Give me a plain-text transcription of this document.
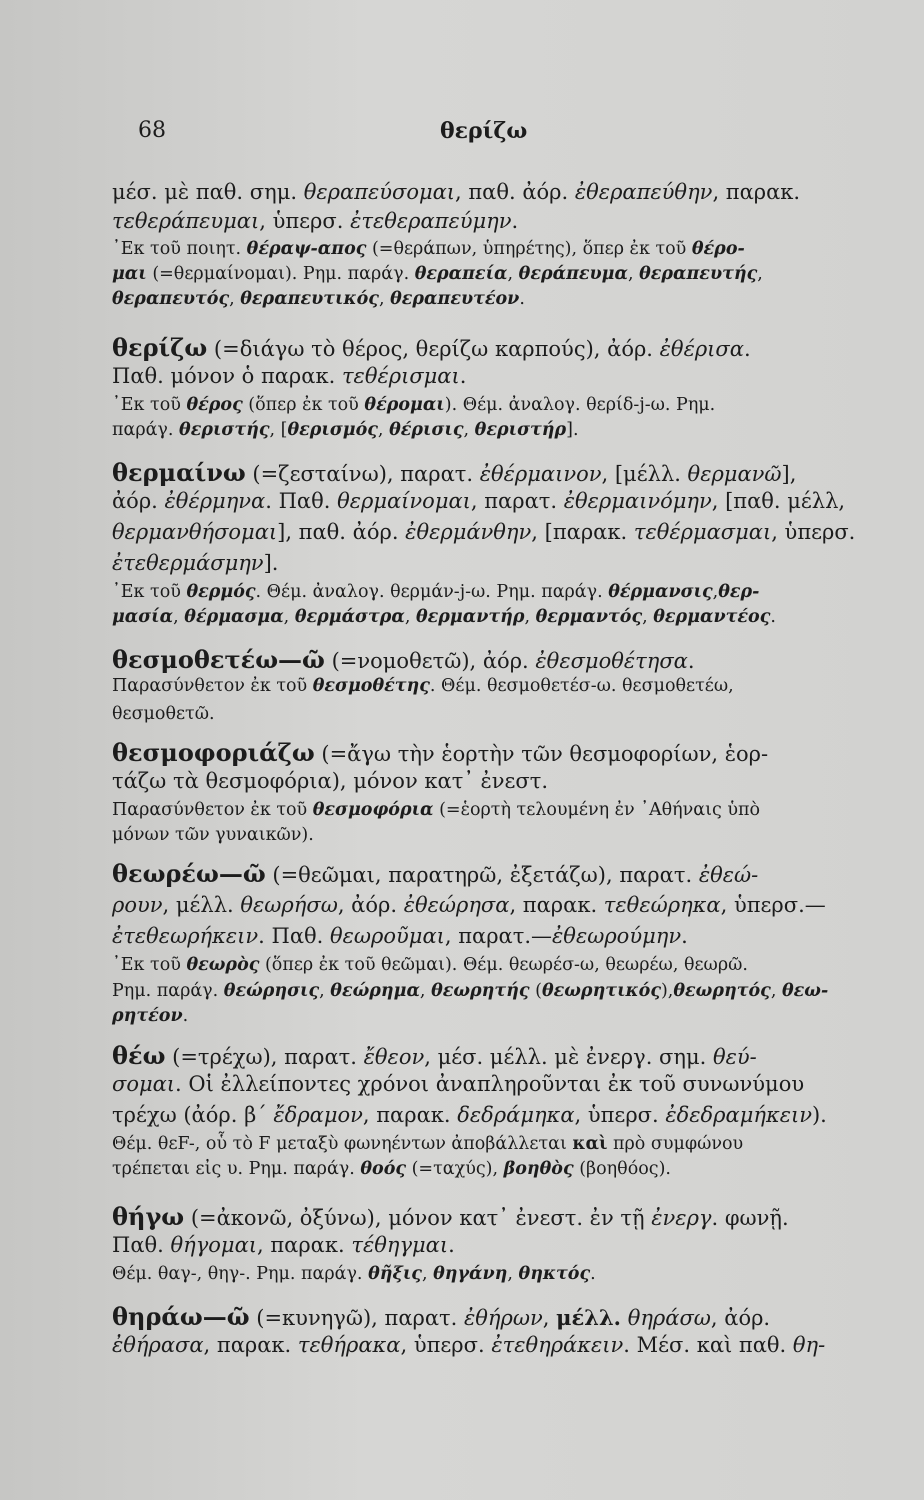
68	θερίζω
μέσ. μὲ παθ. σημ. θεραπεύσομαι, παθ. ἀόρ. ἐθεραπεύθην, παρακ.
τεθεράπευμαι, ὑπερσ. ἐτεθεραπεύμην.
᾿Εκ τοῦ ποιητ. θέραψ-απος (=θεράπων, ὑπηρέτης), ὅπερ ἐκ τοῦ θέρο-
μαι (=θερμαίνομαι). Ρημ. παράγ. θεραπεία, θεράπευμα, θεραπευτής,
θεραπευτός, θεραπευτικός, θεραπευτέον.
θερίζω (=διάγω τὸ θέρος, θερίζω καρπούς), ἀόρ. ἐθέρισα.
Παθ. μόνον ὁ παρακ. τεθέρισμαι.
᾿Εκ τοῦ θέρος (ὅπερ ἐκ τοῦ θέρομαι). Θέμ. ἀναλογ. θερίδ-j-ω. Ρημ.
παράγ. θεριστής, [θερισμός, θέρισις, θεριστήρ].
θερμαίνω (=ζεσταίνω), παρατ. ἐθέρμαινον, [μέλλ. θερμανῶ],
ἀόρ. ἐθέρμηνα. Παθ. θερμαίνομαι, παρατ. ἐθερμαινόμην, [παθ. μέλλ,
θερμανθήσομαι], παθ. ἀόρ. ἐθερμάνθην, [παρακ. τεθέρμασμαι, ὑπερσ.
ἐτεθερμάσμην].
᾿Εκ τοῦ θερμός. Θέμ. ἀναλογ. θερμάν-j-ω. Ρημ. παράγ. θέρμανσις,θερ-
μασία, θέρμασμα, θερμάστρα, θερμαντήρ, θερμαντός, θερμαντέος.
θεσμοθετέω—ῶ (=νομοθετῶ), ἀόρ. ἐθεσμοθέτησα.
Παρασύνθετον ἐκ τοῦ θεσμοθέτης. Θέμ. θεσμοθετέσ-ω. θεσμοθετέω,
θεσμοθετῶ.
θεσμοφοριάζω (=ἄγω τὴν ἑορτὴν τῶν θεσμοφορίων, ἑορ-
τάζω τὰ θεσμοφόρια), μόνον κατ᾿ ἐνεστ.
Παρασύνθετον ἐκ τοῦ θεσμοφόρια (=ἑορτὴ τελουμένη ἐν ᾿Αθήναις ὑπὸ
μόνων τῶν γυναικῶν).
θεωρέω—ῶ (=θεῶμαι, παρατηρῶ, ἐξετάζω), παρατ. ἐθεώ-
ρουν, μέλλ. θεωρήσω, ἀόρ. ἐθεώρησα, παρακ. τεθεώρηκα, ὑπερσ.—
ἐτεθεωρήκειν. Παθ. θεωροῦμαι, παρατ.—ἐθεωρούμην.
᾿Εκ τοῦ θεωρὸς (ὅπερ ἐκ τοῦ θεῶμαι). Θέμ. θεωρέσ-ω, θεωρέω, θεωρῶ.
Ρημ. παράγ. θεώρησις, θεώρημα, θεωρητής (θεωρητικός),θεωρητός, θεω-
ρητέον.
θέω (=τρέχω), παρατ. ἔθεον, μέσ. μέλλ. μὲ ἐνεργ. σημ. θεύ-
σομαι. Οἱ ἐλλείποντες χρόνοι ἀναπληροῦνται ἐκ τοῦ συνωνύμου
τρέχω (ἀόρ. β΄ ἔδραμον, παρακ. δεδράμηκα, ὑπερσ. ἐδεδραμήκειν).
Θέμ. θεF-, οὗ τὸ F μεταξὺ φωνηέντων ἀποβάλλεται καὶ πρὸ συμφώνου
τρέπεται εἰς υ. Ρημ. παράγ. θοός (=ταχύς), βοηθὸς (βοηθόος).
θήγω (=ἀκονῶ, ὀξύνω), μόνον κατ᾿ ἐνεστ. ἐν τῇ ἐνεργ. φωνῇ.
Παθ. θήγομαι, παρακ. τέθηγμαι.
Θέμ. θαγ-, θηγ-. Ρημ. παράγ. θῆξις, θηγάνη, θηκτός.
θηράω—ῶ (=κυνηγῶ), παρατ. ἐθήρων, μέλλ. θηράσω, ἀόρ.
ἐθήρασα, παρακ. τεθήρακα, ὑπερσ. ἐτεθηράκειν. Μέσ. καὶ παθ. θη-
